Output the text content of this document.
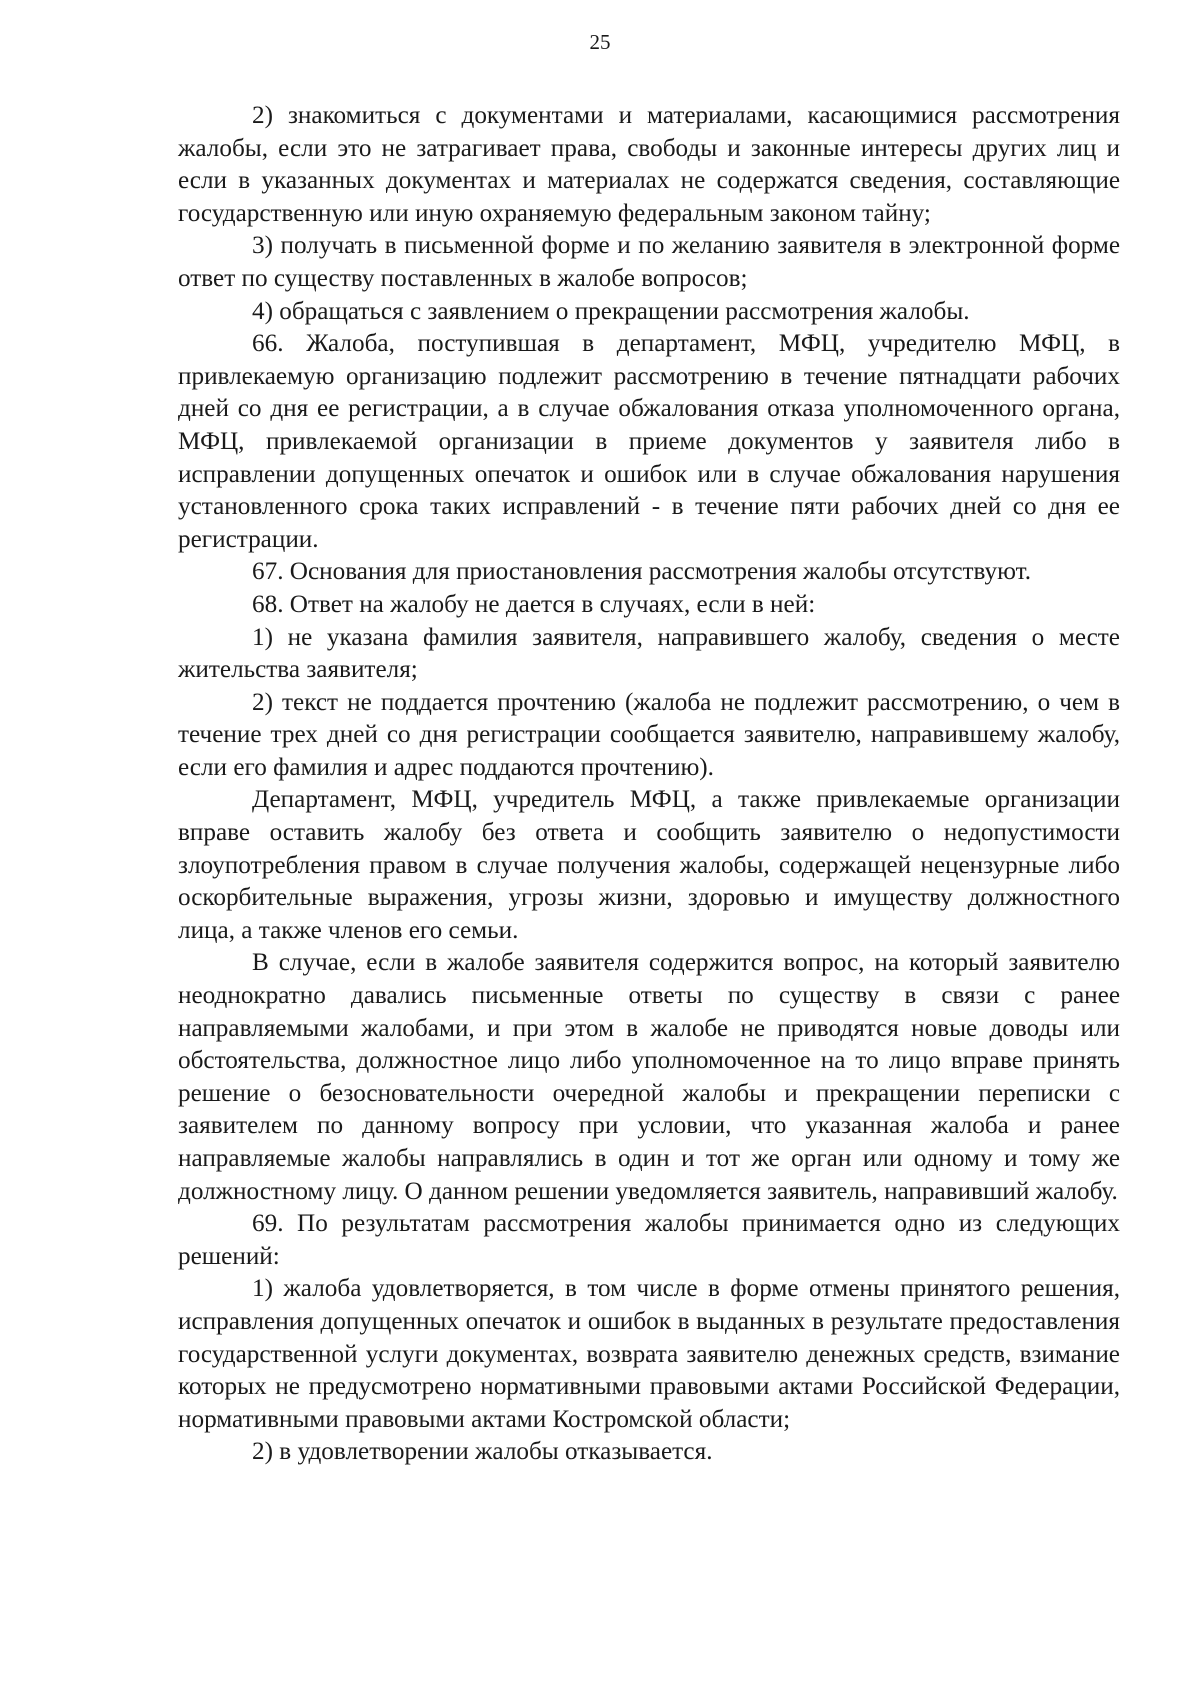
25

2) знакомиться с документами и материалами, касающимися рассмотрения жалобы, если это не затрагивает права, свободы и законные интересы других лиц и если в указанных документах и материалах не содержатся сведения, составляющие государственную или иную охраняемую федеральным законом тайну;

3) получать в письменной форме и по желанию заявителя в электронной форме ответ по существу поставленных в жалобе вопросов;

4) обращаться с заявлением о прекращении рассмотрения жалобы.

66. Жалоба, поступившая в департамент, МФЦ, учредителю МФЦ, в привлекаемую организацию подлежит рассмотрению в течение пятнадцати рабочих дней со дня ее регистрации, а в случае обжалования отказа уполномоченного органа, МФЦ, привлекаемой организации в приеме документов у заявителя либо в исправлении допущенных опечаток и ошибок или в случае обжалования нарушения установленного срока таких исправлений - в течение пяти рабочих дней со дня ее регистрации.

67. Основания для приостановления рассмотрения жалобы отсутствуют.

68. Ответ на жалобу не дается в случаях, если в ней:

1) не указана фамилия заявителя, направившего жалобу, сведения о месте жительства заявителя;

2) текст не поддается прочтению (жалоба не подлежит рассмотрению, о чем в течение трех дней со дня регистрации сообщается заявителю, направившему жалобу, если его фамилия и адрес поддаются прочтению).

Департамент, МФЦ, учредитель МФЦ, а также привлекаемые организации вправе оставить жалобу без ответа и сообщить заявителю о недопустимости злоупотребления правом в случае получения жалобы, содержащей нецензурные либо оскорбительные выражения, угрозы жизни, здоровью и имуществу должностного лица, а также членов его семьи.

В случае, если в жалобе заявителя содержится вопрос, на который заявителю неоднократно давались письменные ответы по существу в связи с ранее направляемыми жалобами, и при этом в жалобе не приводятся новые доводы или обстоятельства, должностное лицо либо уполномоченное на то лицо вправе принять решение о безосновательности очередной жалобы и прекращении переписки с заявителем по данному вопросу при условии, что указанная жалоба и ранее направляемые жалобы направлялись в один и тот же орган или одному и тому же должностному лицу. О данном решении уведомляется заявитель, направивший жалобу.

69. По результатам рассмотрения жалобы принимается одно из следующих решений:

1) жалоба удовлетворяется, в том числе в форме отмены принятого решения, исправления допущенных опечаток и ошибок в выданных в результате предоставления государственной услуги документах, возврата заявителю денежных средств, взимание которых не предусмотрено нормативными правовыми актами Российской Федерации, нормативными правовыми актами Костромской области;

2) в удовлетворении жалобы отказывается.
